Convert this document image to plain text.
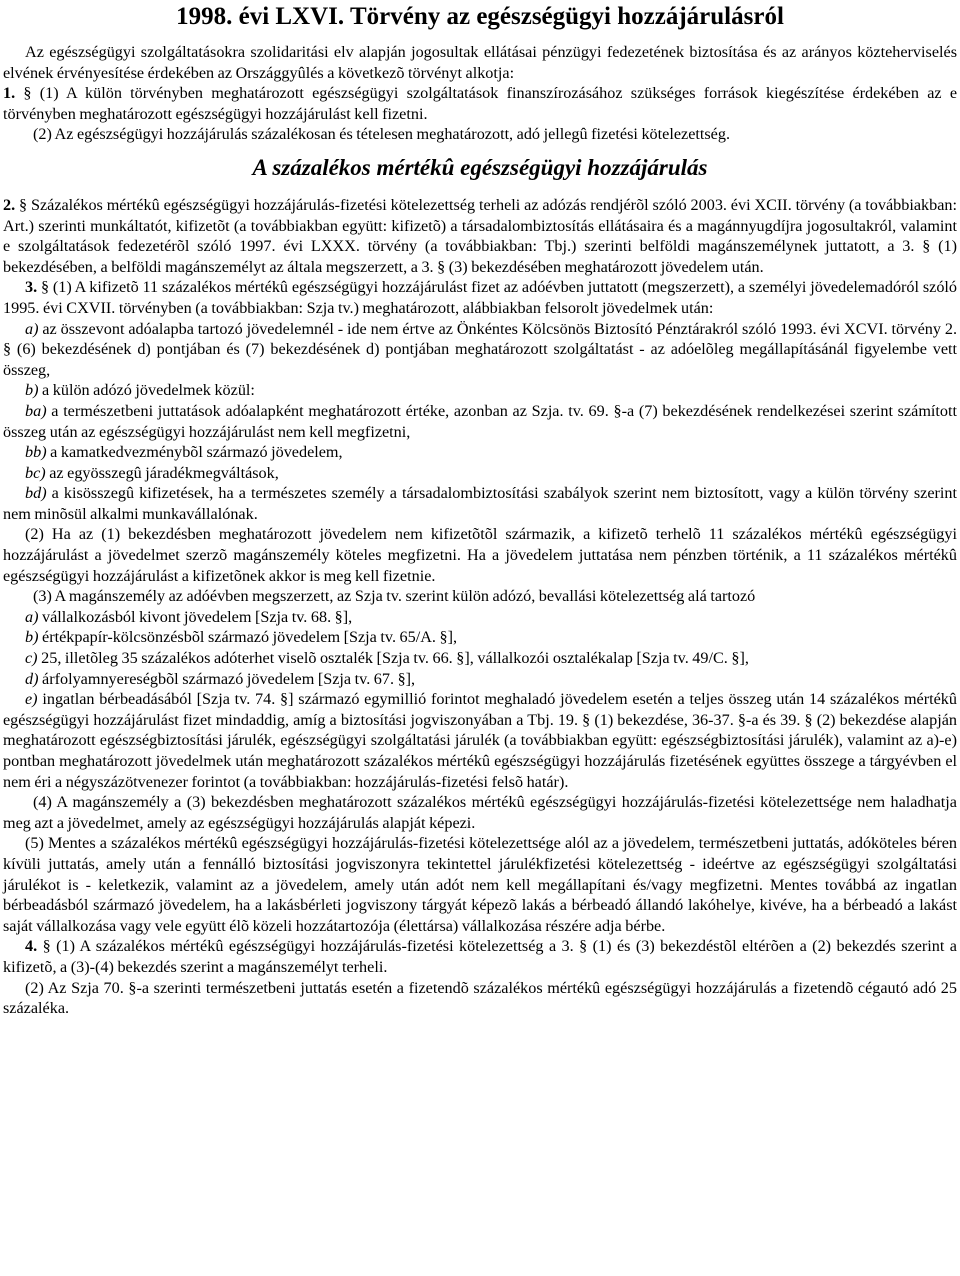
1998. évi LXVI. Törvény az egészségügyi hozzájárulásról

Az egészségügyi szolgáltatásokra szolidaritási elv alapján jogosultak ellátásai pénzügyi fedezetének biztosítása és az arányos közteherviselés elvének érvényesítése érdekében az Országgyûlés a következõ törvényt alkotja:

1. § (1) A külön törvényben meghatározott egészségügyi szolgáltatások finanszírozásához szükséges források kiegészítése érdekében az e törvényben meghatározott egészségügyi hozzájárulást kell fizetni.

(2) Az egészségügyi hozzájárulás százalékosan és tételesen meghatározott, adó jellegû fizetési kötelezettség.

A százalékos mértékû egészségügyi hozzájárulás

2. § Százalékos mértékû egészségügyi hozzájárulás-fizetési kötelezettség terheli az adózás rendjérõl szóló 2003. évi XCII. törvény (a továbbiakban: Art.) szerinti munkáltatót, kifizetõt (a továbbiakban együtt: kifizetõ) a társadalombiztosítás ellátásaira és a magánnyugdíjra jogosultakról, valamint e szolgáltatások fedezetérõl szóló 1997. évi LXXX. törvény (a továbbiakban: Tbj.) szerinti belföldi magánszemélynek juttatott, a 3. § (1) bekezdésében, a belföldi magánszemélyt az általa megszerzett, a 3. § (3) bekezdésében meghatározott jövedelem után.

3. § (1) A kifizetõ 11 százalékos mértékû egészségügyi hozzájárulást fizet az adóévben juttatott (megszerzett), a személyi jövedelemadóról szóló 1995. évi CXVII. törvényben (a továbbiakban: Szja tv.) meghatározott, alábbiakban felsorolt jövedelmek után:

a) az összevont adóalapba tartozó jövedelemnél - ide nem értve az Önkéntes Kölcsönös Biztosító Pénztárakról szóló 1993. évi XCVI. törvény 2. § (6) bekezdésének d) pontjában és (7) bekezdésének d) pontjában meghatározott szolgáltatást - az adóelõleg megállapításánál figyelembe vett összeg,

b) a külön adózó jövedelmek közül:

ba) a természetbeni juttatások adóalapként meghatározott értéke, azonban az Szja. tv. 69. §-a (7) bekezdésének rendelkezései szerint számított összeg után az egészségügyi hozzájárulást nem kell megfizetni,

bb) a kamatkedvezménybõl származó jövedelem,

bc) az egyösszegû járadékmegváltások,

bd) a kisösszegû kifizetések, ha a természetes személy a társadalombiztosítási szabályok szerint nem biztosított, vagy a külön törvény szerint nem minõsül alkalmi munkavállalónak.

(2) Ha az (1) bekezdésben meghatározott jövedelem nem kifizetõtõl származik, a kifizetõ terhelõ 11 százalékos mértékû egészségügyi hozzájárulást a jövedelmet szerzõ magánszemély köteles megfizetni. Ha a jövedelem juttatása nem pénzben történik, a 11 százalékos mértékû egészségügyi hozzájárulást a kifizetõnek akkor is meg kell fizetnie.

(3) A magánszemély az adóévben megszerzett, az Szja tv. szerint külön adózó, bevallási kötelezettség alá tartozó

a) vállalkozásból kivont jövedelem [Szja tv. 68. §],

b) értékpapír-kölcsönzésbõl származó jövedelem [Szja tv. 65/A. §],

c) 25, illetõleg 35 százalékos adóterhet viselõ osztalék [Szja tv. 66. §], vállalkozói osztalékalap [Szja tv. 49/C. §],

d) árfolyamnyereségbõl származó jövedelem [Szja tv. 67. §],

e) ingatlan bérbeadásából [Szja tv. 74. §] származó egymillió forintot meghaladó jövedelem esetén a teljes összeg után 14 százalékos mértékû egészségügyi hozzájárulást fizet mindaddig, amíg a biztosítási jogviszonyában a Tbj. 19. § (1) bekezdése, 36-37. §-a és 39. § (2) bekezdése alapján meghatározott egészségbiztosítási járulék, egészségügyi szolgáltatási járulék (a továbbiakban együtt: egészségbiztosítási járulék), valamint az a)-e) pontban meghatározott jövedelmek után meghatározott százalékos mértékû egészségügyi hozzájárulás fizetésének együttes összege a tárgyévben el nem éri a négyszázötvenezer forintot (a továbbiakban: hozzájárulás-fizetési felsõ határ).

(4) A magánszemély a (3) bekezdésben meghatározott százalékos mértékû egészségügyi hozzájárulás-fizetési kötelezettsége nem haladhatja meg azt a jövedelmet, amely az egészségügyi hozzájárulás alapját képezi.

(5) Mentes a százalékos mértékû egészségügyi hozzájárulás-fizetési kötelezettsége alól az a jövedelem, természetbeni juttatás, adóköteles béren kívüli juttatás, amely után a fennálló biztosítási jogviszonyra tekintettel járulékfizetési kötelezettség - ideértve az egészségügyi szolgáltatási járulékot is - keletkezik, valamint az a jövedelem, amely után adót nem kell megállapítani és/vagy megfizetni. Mentes továbbá az ingatlan bérbeadásból származó jövedelem, ha a lakásbérleti jogviszony tárgyát képezõ lakás a bérbeadó állandó lakóhelye, kivéve, ha a bérbeadó a lakást saját vállalkozása vagy vele együtt élõ közeli hozzátartozója (élettársa) vállalkozása részére adja bérbe.

4. § (1) A százalékos mértékû egészségügyi hozzájárulás-fizetési kötelezettség a 3. § (1) és (3) bekezdéstõl eltérõen a (2) bekezdés szerint a kifizetõ, a (3)-(4) bekezdés szerint a magánszemélyt terheli.

(2) Az Szja 70. §-a szerinti természetbeni juttatás esetén a fizetendõ százalékos mértékû egészségügyi hozzájárulás a fizetendõ cégautó adó 25 százaléka.
